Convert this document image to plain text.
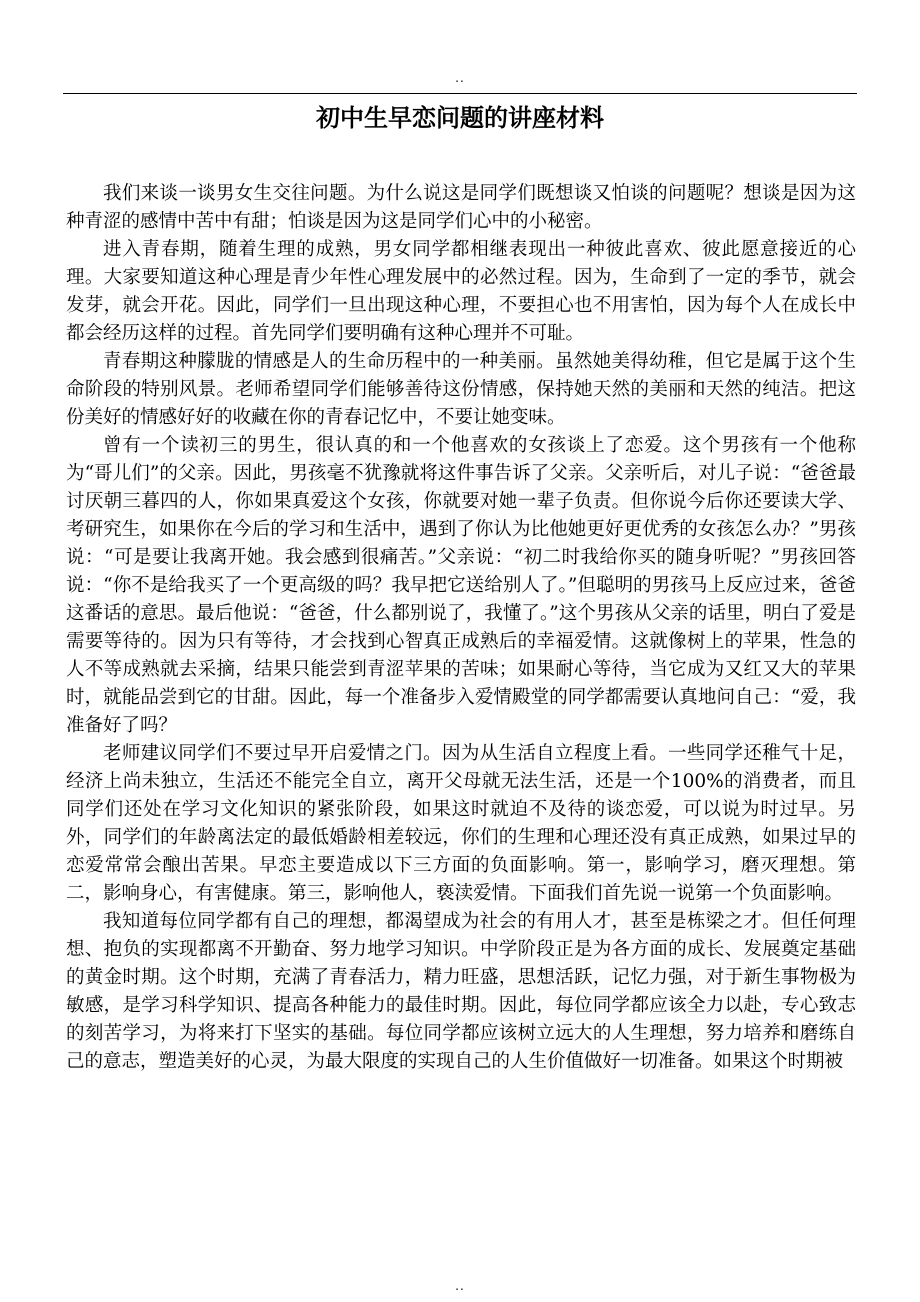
..
初中生早恋问题的讲座材料

我们来谈一谈男女生交往问题。为什么说这是同学们既想谈又怕谈的问题呢？想谈是因为这种青涩的感情中苦中有甜；怕谈是因为这是同学们心中的小秘密。

进入青春期，随着生理的成熟，男女同学都相继表现出一种彼此喜欢、彼此愿意接近的心理。大家要知道这种心理是青少年性心理发展中的必然过程。因为，生命到了一定的季节，就会发芽，就会开花。因此，同学们一旦出现这种心理，不要担心也不用害怕，因为每个人在成长中都会经历这样的过程。首先同学们要明确有这种心理并不可耻。

青春期这种朦胧的情感是人的生命历程中的一种美丽。虽然她美得幼稚，但它是属于这个生命阶段的特别风景。老师希望同学们能够善待这份情感，保持她天然的美丽和天然的纯洁。把这份美好的情感好好的收藏在你的青春记忆中，不要让她变味。

曾有一个读初三的男生，很认真的和一个他喜欢的女孩谈上了恋爱。这个男孩有一个他称为“哥儿们”的父亲。因此，男孩毫不犹豫就将这件事告诉了父亲。父亲听后，对儿子说：“爸爸最讨厌朝三暮四的人，你如果真爱这个女孩，你就要对她一辈子负责。但你说今后你还要读大学、考研究生，如果你在今后的学习和生活中，遇到了你认为比他她更好更优秀的女孩怎么办？”男孩说：“可是要让我离开她。我会感到很痛苦。”父亲说：“初二时我给你买的随身听呢？”男孩回答说：“你不是给我买了一个更高级的吗？我早把它送给别人了。”但聪明的男孩马上反应过来，爸爸这番话的意思。最后他说：“爸爸，什么都别说了，我懂了。”这个男孩从父亲的话里，明白了爱是需要等待的。因为只有等待，才会找到心智真正成熟后的幸福爱情。这就像树上的苹果，性急的人不等成熟就去采摘，结果只能尝到青涩苹果的苦味；如果耐心等待，当它成为又红又大的苹果时，就能品尝到它的甘甜。因此，每一个准备步入爱情殿堂的同学都需要认真地问自己：“爱，我准备好了吗？

老师建议同学们不要过早开启爱情之门。因为从生活自立程度上看。一些同学还稚气十足，经济上尚未独立，生活还不能完全自立，离开父母就无法生活，还是一个100%的消费者，而且同学们还处在学习文化知识的紧张阶段，如果这时就迫不及待的谈恋爱，可以说为时过早。另外，同学们的年龄离法定的最低婚龄相差较远，你们的生理和心理还没有真正成熟，如果过早的恋爱常常会酿出苦果。早恋主要造成以下三方面的负面影响。第一，影响学习，磨灭理想。第二，影响身心，有害健康。第三，影响他人，亵渎爱情。下面我们首先说一说第一个负面影响。

我知道每位同学都有自己的理想，都渴望成为社会的有用人才，甚至是栋梁之才。但任何理想、抱负的实现都离不开勤奋、努力地学习知识。中学阶段正是为各方面的成长、发展奠定基础的黄金时期。这个时期，充满了青春活力，精力旺盛，思想活跃，记忆力强，对于新生事物极为敏感，是学习科学知识、提高各种能力的最佳时期。因此，每位同学都应该全力以赴，专心致志的刻苦学习，为将来打下坚实的基础。每位同学都应该树立远大的人生理想，努力培养和磨练自己的意志，塑造美好的心灵，为最大限度的实现自己的人生价值做好一切准备。如果这个时期被

..
